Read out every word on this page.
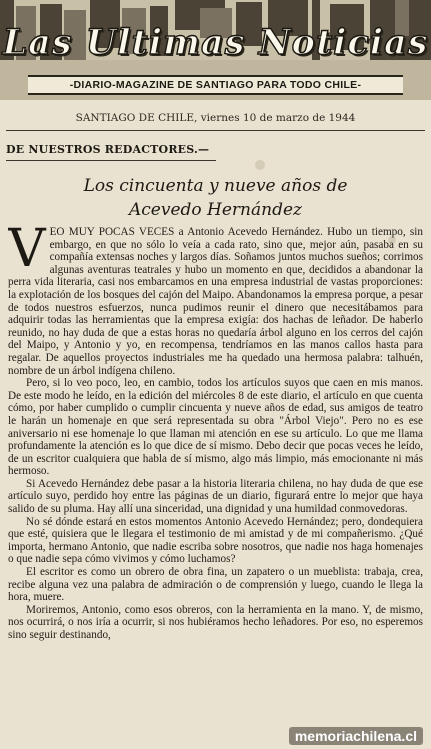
Las Ultimas Noticias
-DIARIO-MAGAZINE DE SANTIAGO PARA TODO CHILE-
SANTIAGO DE CHILE, viernes 10 de marzo de 1944
DE NUESTROS REDACTORES.—
Los cincuenta y nueve años de
Acevedo Hernández

VEO MUY POCAS VECES a Antonio Acevedo Hernández. Hubo un tiempo, sin embargo, en que no sólo lo veía a cada rato, sino que, mejor aún, pasaba en su compañía extensas noches y largos días. Soñamos juntos muchos sueños; corrimos algunas aventuras teatrales y hubo un momento en que, decididos a abandonar la perra vida literaria, casi nos embarcamos en una empresa industrial de vastas proporciones: la explotación de los bosques del cajón del Maipo. Abandonamos la empresa porque, a pesar de todos nuestros esfuerzos, nunca pudimos reunir el dinero que necesitábamos para adquirir todas las herramientas que la empresa exigía: dos hachas de leñador. De haberlo reunido, no hay duda de que a estas horas no quedaría árbol alguno en los cerros del cajón del Maipo, y Antonio y yo, en recompensa, tendríamos en las manos callos hasta para regalar. De aquellos proyectos industriales me ha quedado una hermosa palabra: talhuén, nombre de un árbol indígena chileno.

Pero, si lo veo poco, leo, en cambio, todos los artículos suyos que caen en mis manos. De este modo he leído, en la edición del miércoles 8 de este diario, el artículo en que cuenta cómo, por haber cumplido o cumplir cincuenta y nueve años de edad, sus amigos de teatro le harán un homenaje en que será representada su obra "Árbol Viejo". Pero no es ese aniversario ni ese homenaje lo que llaman mi atención en ese su artículo. Lo que me llama profundamente la atención es lo que dice de sí mismo. Debo decir que pocas veces he leído, de un escritor cualquiera que habla de sí mismo, algo más limpio, más emocionante ni más hermoso.

Si Acevedo Hernández debe pasar a la historia literaria chilena, no hay duda de que ese artículo suyo, perdido hoy entre las páginas de un diario, figurará entre lo mejor que haya salido de su pluma. Hay allí una sinceridad, una dignidad y una humildad conmovedoras.

No sé dónde estará en estos momentos Antonio Acevedo Hernández; pero, dondequiera que esté, quisiera que le llegara el testimonio de mi amistad y de mi compañerismo. ¿Qué importa, hermano Antonio, que nadie escriba sobre nosotros, que nadie nos haga homenajes o que nadie sepa cómo vivimos y cómo luchamos?

El escritor es como un obrero de obra fina, un zapatero o un mueblista: trabaja, crea, recibe alguna vez una palabra de admiración o de comprensión y luego, cuando le llega la hora, muere.

Moriremos, Antonio, como esos obreros, con la herramienta en la mano. Y, de mismo, nos ocurrirá, o nos iría a ocurrir, si nos hubiéramos hecho leñadores. Por eso, no esperemos sino seguir destinando,

memoriachilena.cl
